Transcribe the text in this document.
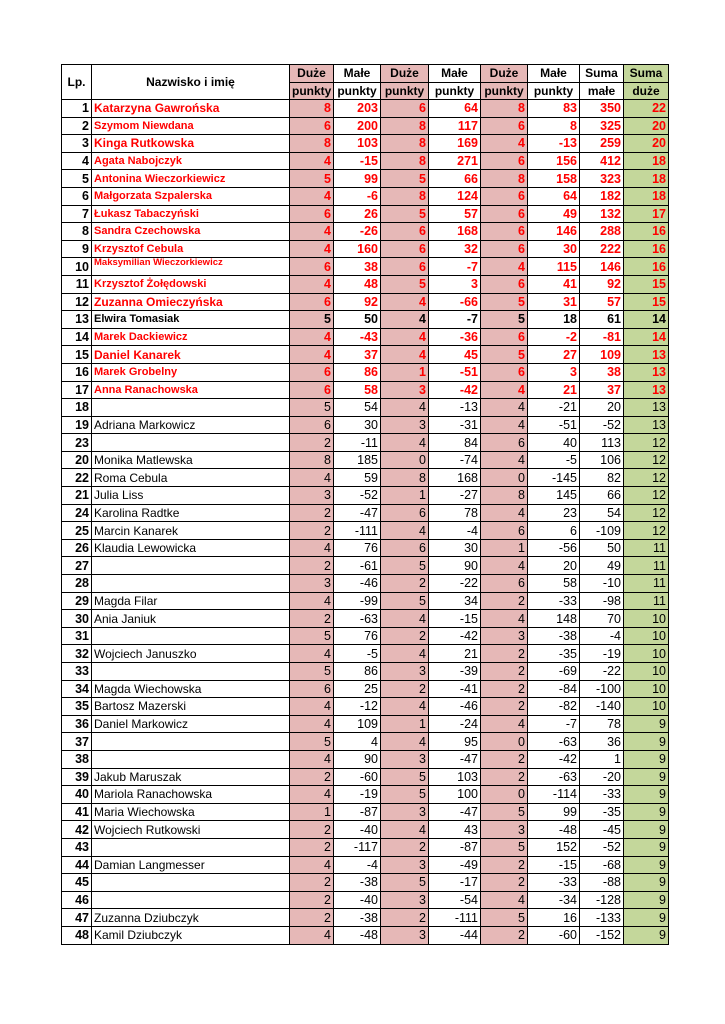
Lp.	Nazwisko i imię	Duże	Małe	Duże	Małe	Duże	Małe	Suma	Suma
		punkty	punkty	punkty	punkty	punkty	punkty	małe	duże
1	Katarzyna Gawrońska	8	203	6	64	8	83	350	22
2	Szymom Niewdana	6	200	8	117	6	8	325	20
3	Kinga Rutkowska	8	103	8	169	4	-13	259	20
4	Agata Nabojczyk	4	-15	8	271	6	156	412	18
5	Antonina Wieczorkiewicz	5	99	5	66	8	158	323	18
6	Małgorzata Szpalerska	4	-6	8	124	6	64	182	18
7	Łukasz Tabaczyński	6	26	5	57	6	49	132	17
8	Sandra Czechowska	4	-26	6	168	6	146	288	16
9	Krzysztof Cebula	4	160	6	32	6	30	222	16
10	Maksymilian Wieczorkiewicz	6	38	6	-7	4	115	146	16
11	Krzysztof Żołędowski	4	48	5	3	6	41	92	15
12	Zuzanna Omieczyńska	6	92	4	-66	5	31	57	15
13	Elwira Tomasiak	5	50	4	-7	5	18	61	14
14	Marek Dackiewicz	4	-43	4	-36	6	-2	-81	14
15	Daniel Kanarek	4	37	4	45	5	27	109	13
16	Marek Grobelny	6	86	1	-51	6	3	38	13
17	Anna Ranachowska	6	58	3	-42	4	21	37	13
18		5	54	4	-13	4	-21	20	13
19	Adriana Markowicz	6	30	3	-31	4	-51	-52	13
23		2	-11	4	84	6	40	113	12
20	Monika Matlewska	8	185	0	-74	4	-5	106	12
22	Roma Cebula	4	59	8	168	0	-145	82	12
21	Julia Liss	3	-52	1	-27	8	145	66	12
24	Karolina Radtke	2	-47	6	78	4	23	54	12
25	Marcin Kanarek	2	-111	4	-4	6	6	-109	12
26	Klaudia Lewowicka	4	76	6	30	1	-56	50	11
27		2	-61	5	90	4	20	49	11
28		3	-46	2	-22	6	58	-10	11
29	Magda Filar	4	-99	5	34	2	-33	-98	11
30	Ania Janiuk	2	-63	4	-15	4	148	70	10
31		5	76	2	-42	3	-38	-4	10
32	Wojciech Januszko	4	-5	4	21	2	-35	-19	10
33		5	86	3	-39	2	-69	-22	10
34	Magda Wiechowska	6	25	2	-41	2	-84	-100	10
35	Bartosz Mazerski	4	-12	4	-46	2	-82	-140	10
36	Daniel Markowicz	4	109	1	-24	4	-7	78	9
37		5	4	4	95	0	-63	36	9
38		4	90	3	-47	2	-42	1	9
39	Jakub Maruszak	2	-60	5	103	2	-63	-20	9
40	Mariola Ranachowska	4	-19	5	100	0	-114	-33	9
41	Maria Wiechowska	1	-87	3	-47	5	99	-35	9
42	Wojciech Rutkowski	2	-40	4	43	3	-48	-45	9
43		2	-117	2	-87	5	152	-52	9
44	Damian Langmesser	4	-4	3	-49	2	-15	-68	9
45		2	-38	5	-17	2	-33	-88	9
46		2	-40	3	-54	4	-34	-128	9
47	Zuzanna Dziubczyk	2	-38	2	-111	5	16	-133	9
48	Kamil Dziubczyk	4	-48	3	-44	2	-60	-152	9
